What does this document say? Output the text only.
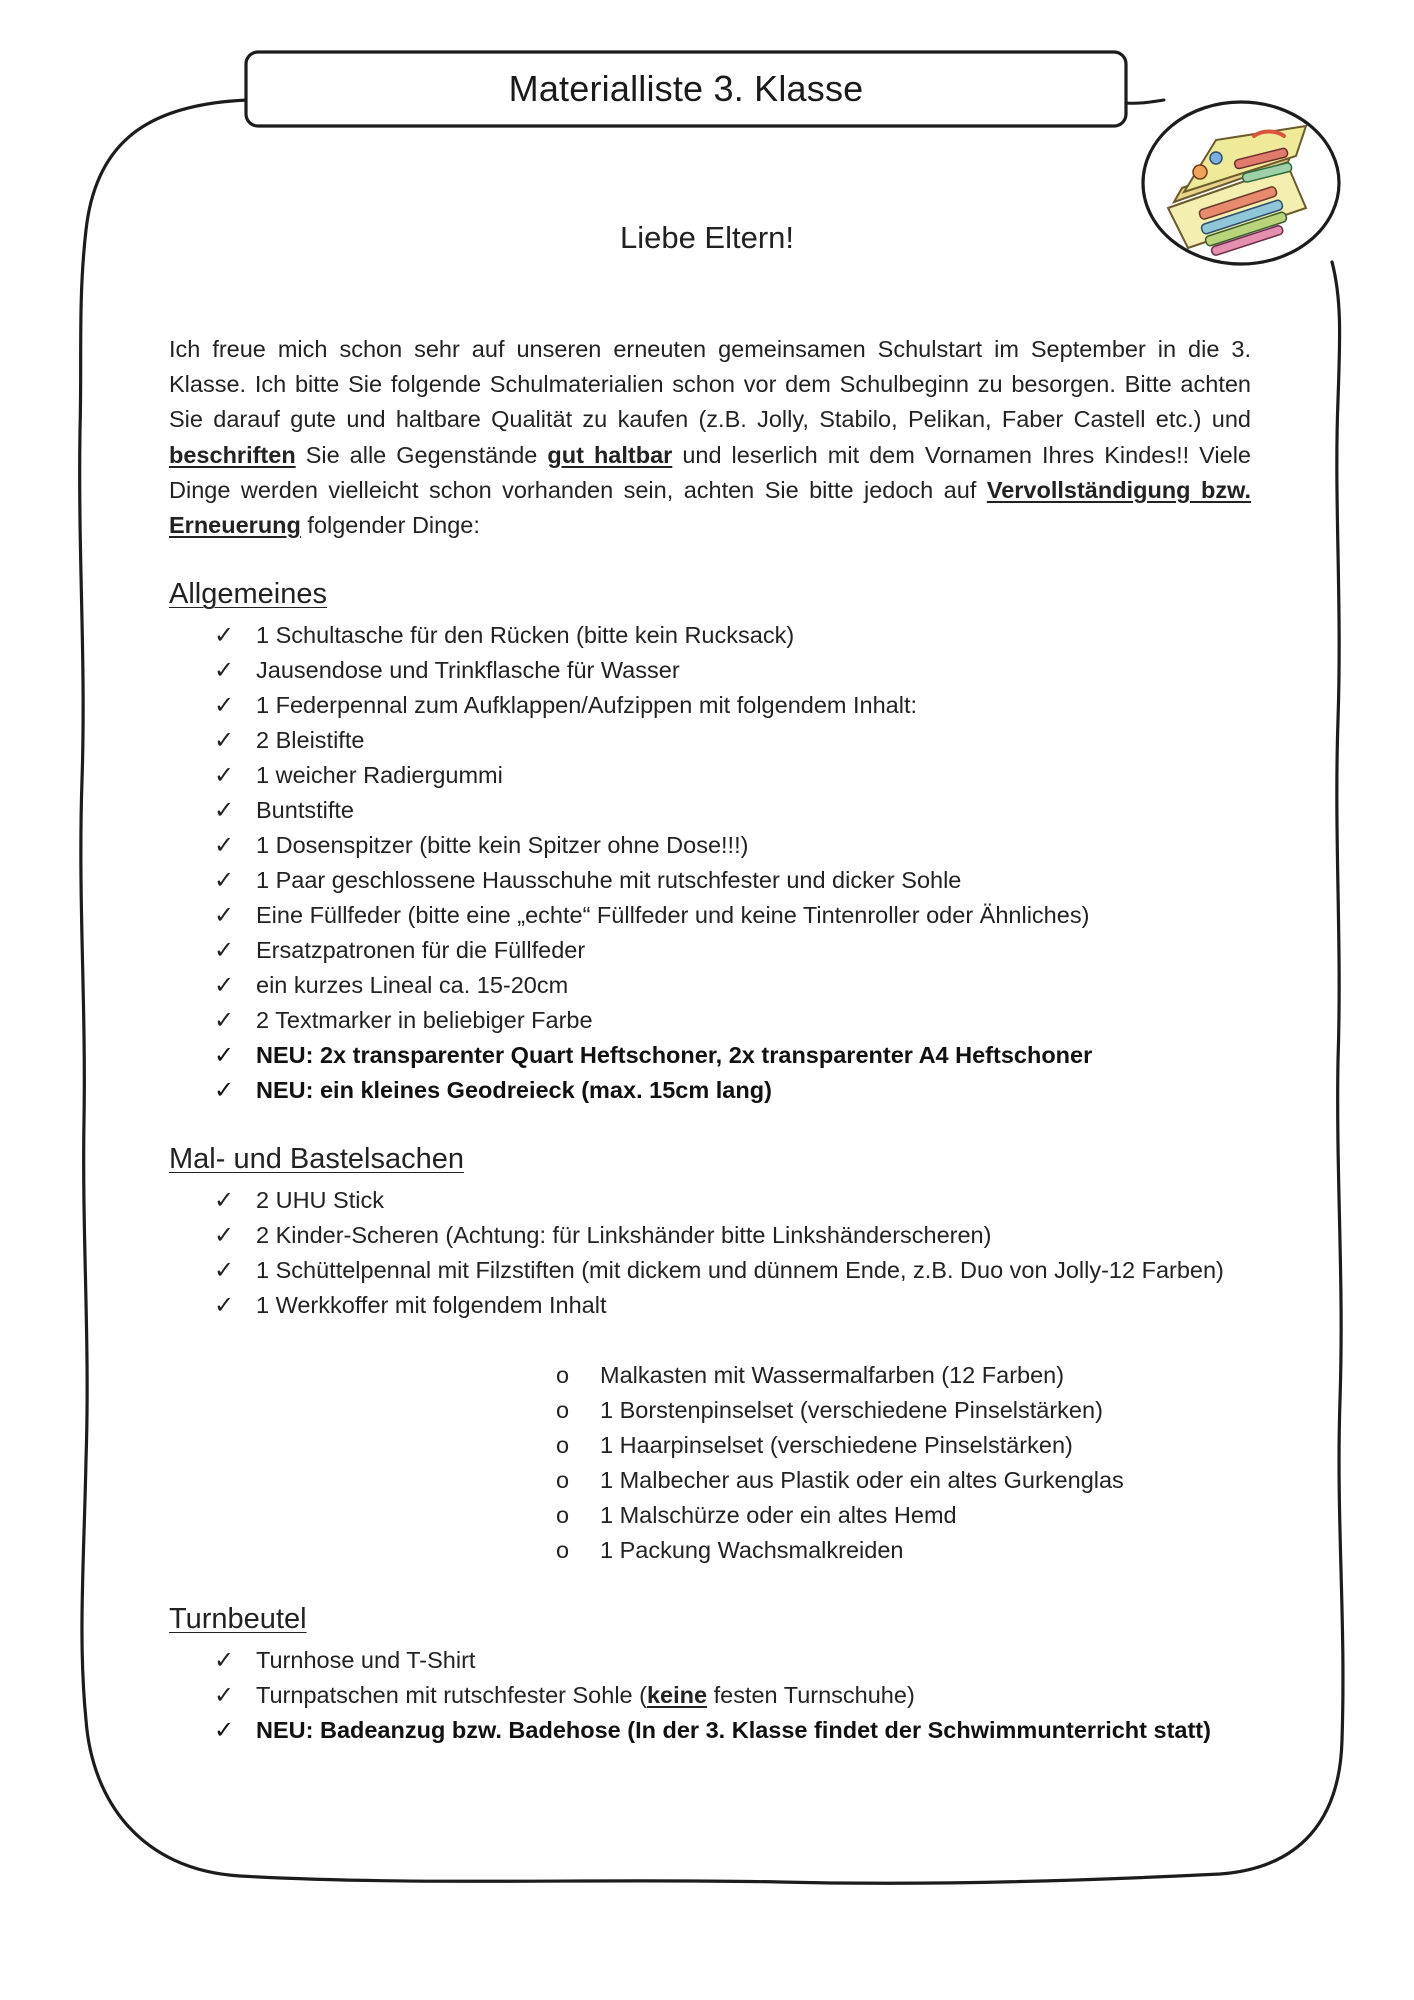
Materialliste 3. Klasse
Liebe Eltern!

Ich freue mich schon sehr auf unseren erneuten gemeinsamen Schulstart im September in die 3. Klasse. Ich bitte Sie folgende Schulmaterialien schon vor dem Schulbeginn zu besorgen. Bitte achten Sie darauf gute und haltbare Qualität zu kaufen (z.B. Jolly, Stabilo, Pelikan, Faber Castell etc.) und beschriften Sie alle Gegenstände gut haltbar und leserlich mit dem Vornamen Ihres Kindes!! Viele Dinge werden vielleicht schon vorhanden sein, achten Sie bitte jedoch auf Vervollständigung bzw. Erneuerung folgender Dinge:

Allgemeines
✓ 1 Schultasche für den Rücken (bitte kein Rucksack)
✓ Jausendose und Trinkflasche für Wasser
✓ 1 Federpennal zum Aufklappen/Aufzippen mit folgendem Inhalt:
✓ 2 Bleistifte
✓ 1 weicher Radiergummi
✓ Buntstifte
✓ 1 Dosenspitzer (bitte kein Spitzer ohne Dose!!!)
✓ 1 Paar geschlossene Hausschuhe mit rutschfester und dicker Sohle
✓ Eine Füllfeder (bitte eine „echte“ Füllfeder und keine Tintenroller oder Ähnliches)
✓ Ersatzpatronen für die Füllfeder
✓ ein kurzes Lineal ca. 15-20cm
✓ 2 Textmarker in beliebiger Farbe
✓ NEU: 2x transparenter Quart Heftschoner, 2x transparenter A4 Heftschoner
✓ NEU: ein kleines Geodreieck (max. 15cm lang)
Mal- und Bastelsachen
✓ 2 UHU Stick
✓ 2 Kinder-Scheren (Achtung: für Linkshänder bitte Linkshänderscheren)
✓ 1 Schüttelpennal mit Filzstiften (mit dickem und dünnem Ende, z.B. Duo von Jolly-12 Farben)
✓ 1 Werkkoffer mit folgendem Inhalt
o Malkasten mit Wassermalfarben (12 Farben)
o 1 Borstenpinselset (verschiedene Pinselstärken)
o 1 Haarpinselset (verschiedene Pinselstärken)
o 1 Malbecher aus Plastik oder ein altes Gurkenglas
o 1 Malschürze oder ein altes Hemd
o 1 Packung Wachsmalkreiden
Turnbeutel
✓ Turnhose und T-Shirt
✓ Turnpatschen mit rutschfester Sohle (keine festen Turnschuhe)
✓ NEU: Badeanzug bzw. Badehose (In der 3. Klasse findet der Schwimmunterricht statt)
